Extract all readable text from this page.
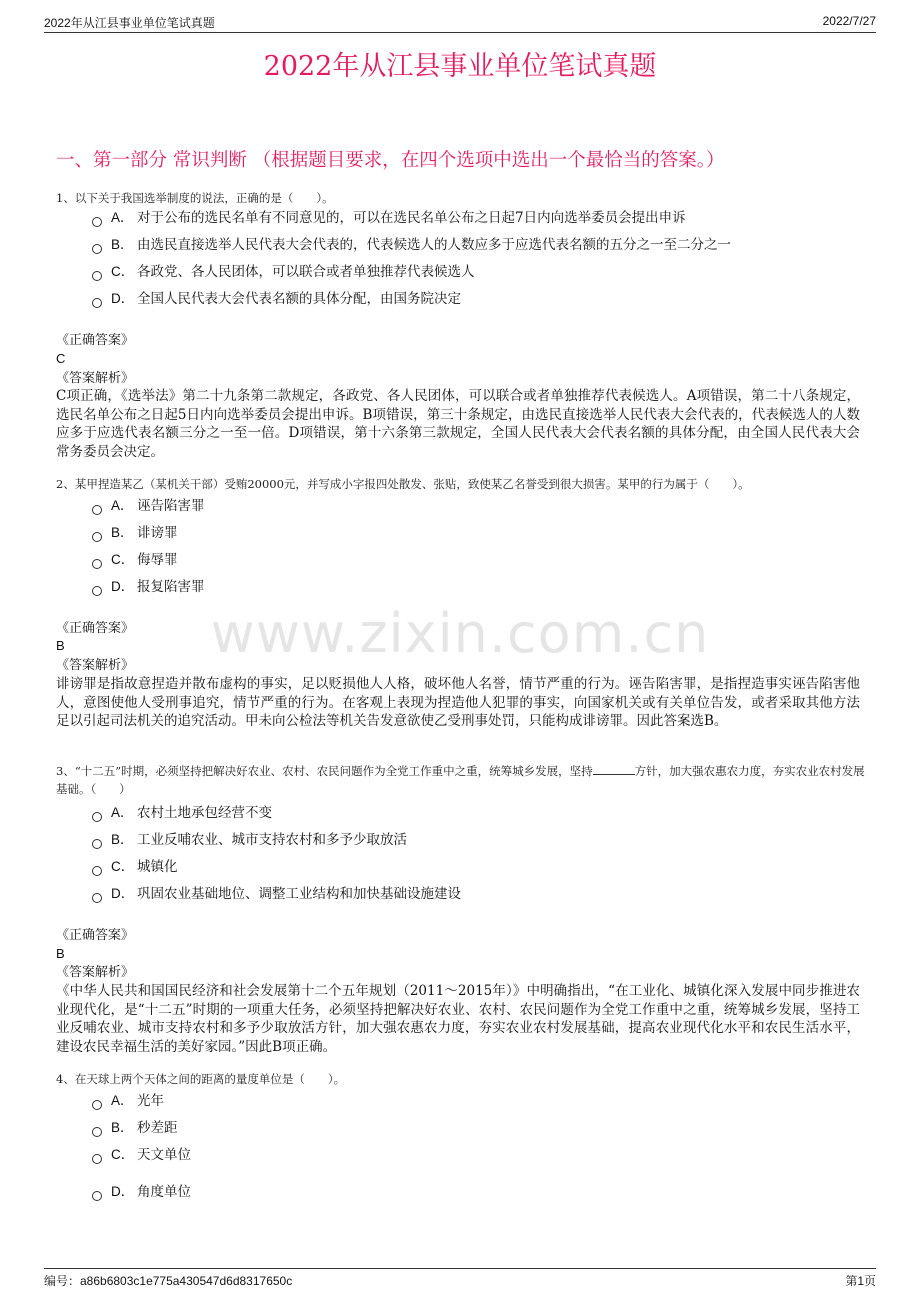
2022年从江县事业单位笔试真题	2022/7/27
2022年从江县事业单位笔试真题
一、第一部分 常识判断 （根据题目要求，在四个选项中选出一个最恰当的答案。）
www.zixin.com.cn
1、以下关于我国选举制度的说法，正确的是（　　）。
A． 对于公布的选民名单有不同意见的，可以在选民名单公布之日起7日内向选举委员会提出申诉
B． 由选民直接选举人民代表大会代表的，代表候选人的人数应多于应选代表名额的五分之一至二分之一
C． 各政党、各人民团体，可以联合或者单独推荐代表候选人
D． 全国人民代表大会代表名额的具体分配，由国务院决定
《正确答案》
C
《答案解析》
C项正确，《选举法》第二十九条第二款规定，各政党、各人民团体，可以联合或者单独推荐代表候选人。A项错误，第二十八条规定，选民名单公布之日起5日内向选举委员会提出申诉。B项错误，第三十条规定，由选民直接选举人民代表大会代表的，代表候选人的人数应多于应选代表名额三分之一至一倍。D项错误，第十六条第三款规定，全国人民代表大会代表名额的具体分配，由全国人民代表大会常务委员会决定。
2、某甲捏造某乙（某机关干部）受贿20000元，并写成小字报四处散发、张贴，致使某乙名誉受到很大损害。某甲的行为属于（　　）。
A． 诬告陷害罪
B． 诽谤罪
C． 侮辱罪
D． 报复陷害罪
《正确答案》
B
《答案解析》
诽谤罪是指故意捏造并散布虚构的事实，足以贬损他人人格，破坏他人名誉，情节严重的行为。诬告陷害罪，是指捏造事实诬告陷害他人，意图使他人受刑事追究，情节严重的行为。在客观上表现为捏造他人犯罪的事实，向国家机关或有关单位告发，或者采取其他方法足以引起司法机关的追究活动。甲未向公检法等机关告发意欲使乙受刑事处罚，只能构成诽谤罪。因此答案选B。
3、“十二五”时期，必须坚持把解决好农业、农村、农民问题作为全党工作重中之重，统筹城乡发展，坚持	方针，加大强农惠农力度，夯实农业农村发展基础。（　　）
A． 农村土地承包经营不变
B． 工业反哺农业、城市支持农村和多予少取放活
C． 城镇化
D． 巩固农业基础地位、调整工业结构和加快基础设施建设
《正确答案》
B
《答案解析》
《中华人民共和国国民经济和社会发展第十二个五年规划（2011～2015年）》中明确指出，“在工业化、城镇化深入发展中同步推进农业现代化，是“十二五”时期的一项重大任务，必须坚持把解决好农业、农村、农民问题作为全党工作重中之重，统筹城乡发展，坚持工业反哺农业、城市支持农村和多予少取放活方针，加大强农惠农力度，夯实农业农村发展基础，提高农业现代化水平和农民生活水平，建设农民幸福生活的美好家园。”因此B项正确。
4、在天球上两个天体之间的距离的量度单位是（　　）。
A． 光年
B． 秒差距
C． 天文单位
D． 角度单位
编号：a86b6803c1e775a430547d6d8317650c	第1页
